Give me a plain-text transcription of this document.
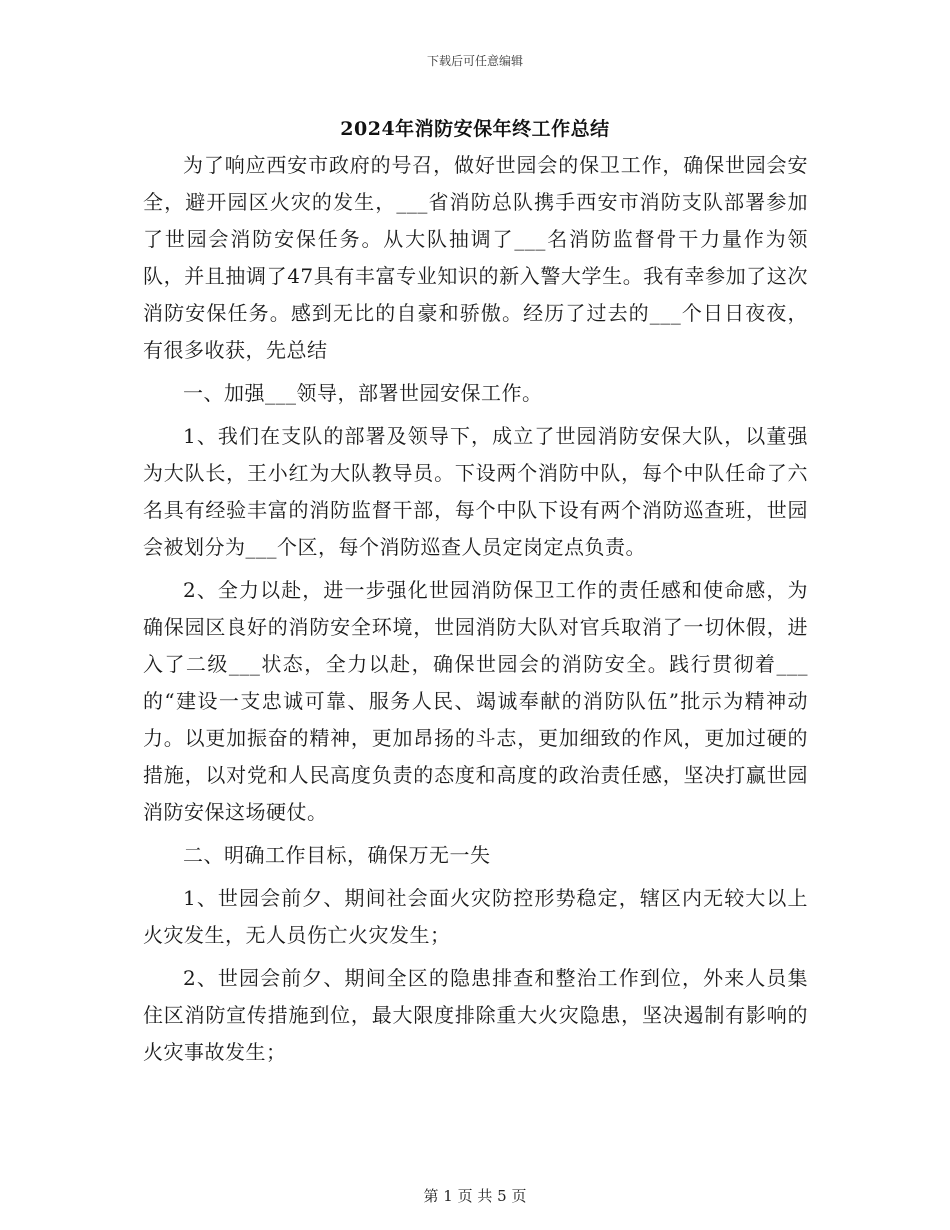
下载后可任意编辑
2024年消防安保年终工作总结

为了响应西安市政府的号召，做好世园会的保卫工作，确保世园会安全，避开园区火灾的发生，___省消防总队携手西安市消防支队部署参加了世园会消防安保任务。从大队抽调了___名消防监督骨干力量作为领队，并且抽调了47具有丰富专业知识的新入警大学生。我有幸参加了这次消防安保任务。感到无比的自豪和骄傲。经历了过去的___个日日夜夜，有很多收获，先总结

一、加强___领导，部署世园安保工作。

1、我们在支队的部署及领导下，成立了世园消防安保大队，以董强为大队长，王小红为大队教导员。下设两个消防中队，每个中队任命了六名具有经验丰富的消防监督干部，每个中队下设有两个消防巡查班，世园会被划分为___个区，每个消防巡查人员定岗定点负责。

2、全力以赴，进一步强化世园消防保卫工作的责任感和使命感，为确保园区良好的消防安全环境，世园消防大队对官兵取消了一切休假，进入了二级___状态，全力以赴，确保世园会的消防安全。践行贯彻着___的“建设一支忠诚可靠、服务人民、竭诚奉献的消防队伍”批示为精神动力。以更加振奋的精神，更加昂扬的斗志，更加细致的作风，更加过硬的措施，以对党和人民高度负责的态度和高度的政治责任感，坚决打赢世园消防安保这场硬仗。

二、明确工作目标，确保万无一失

1、世园会前夕、期间社会面火灾防控形势稳定，辖区内无较大以上火灾发生，无人员伤亡火灾发生；

2、世园会前夕、期间全区的隐患排查和整治工作到位，外来人员集住区消防宣传措施到位，最大限度排除重大火灾隐患，坚决遏制有影响的火灾事故发生；

第 1 页 共 5 页
